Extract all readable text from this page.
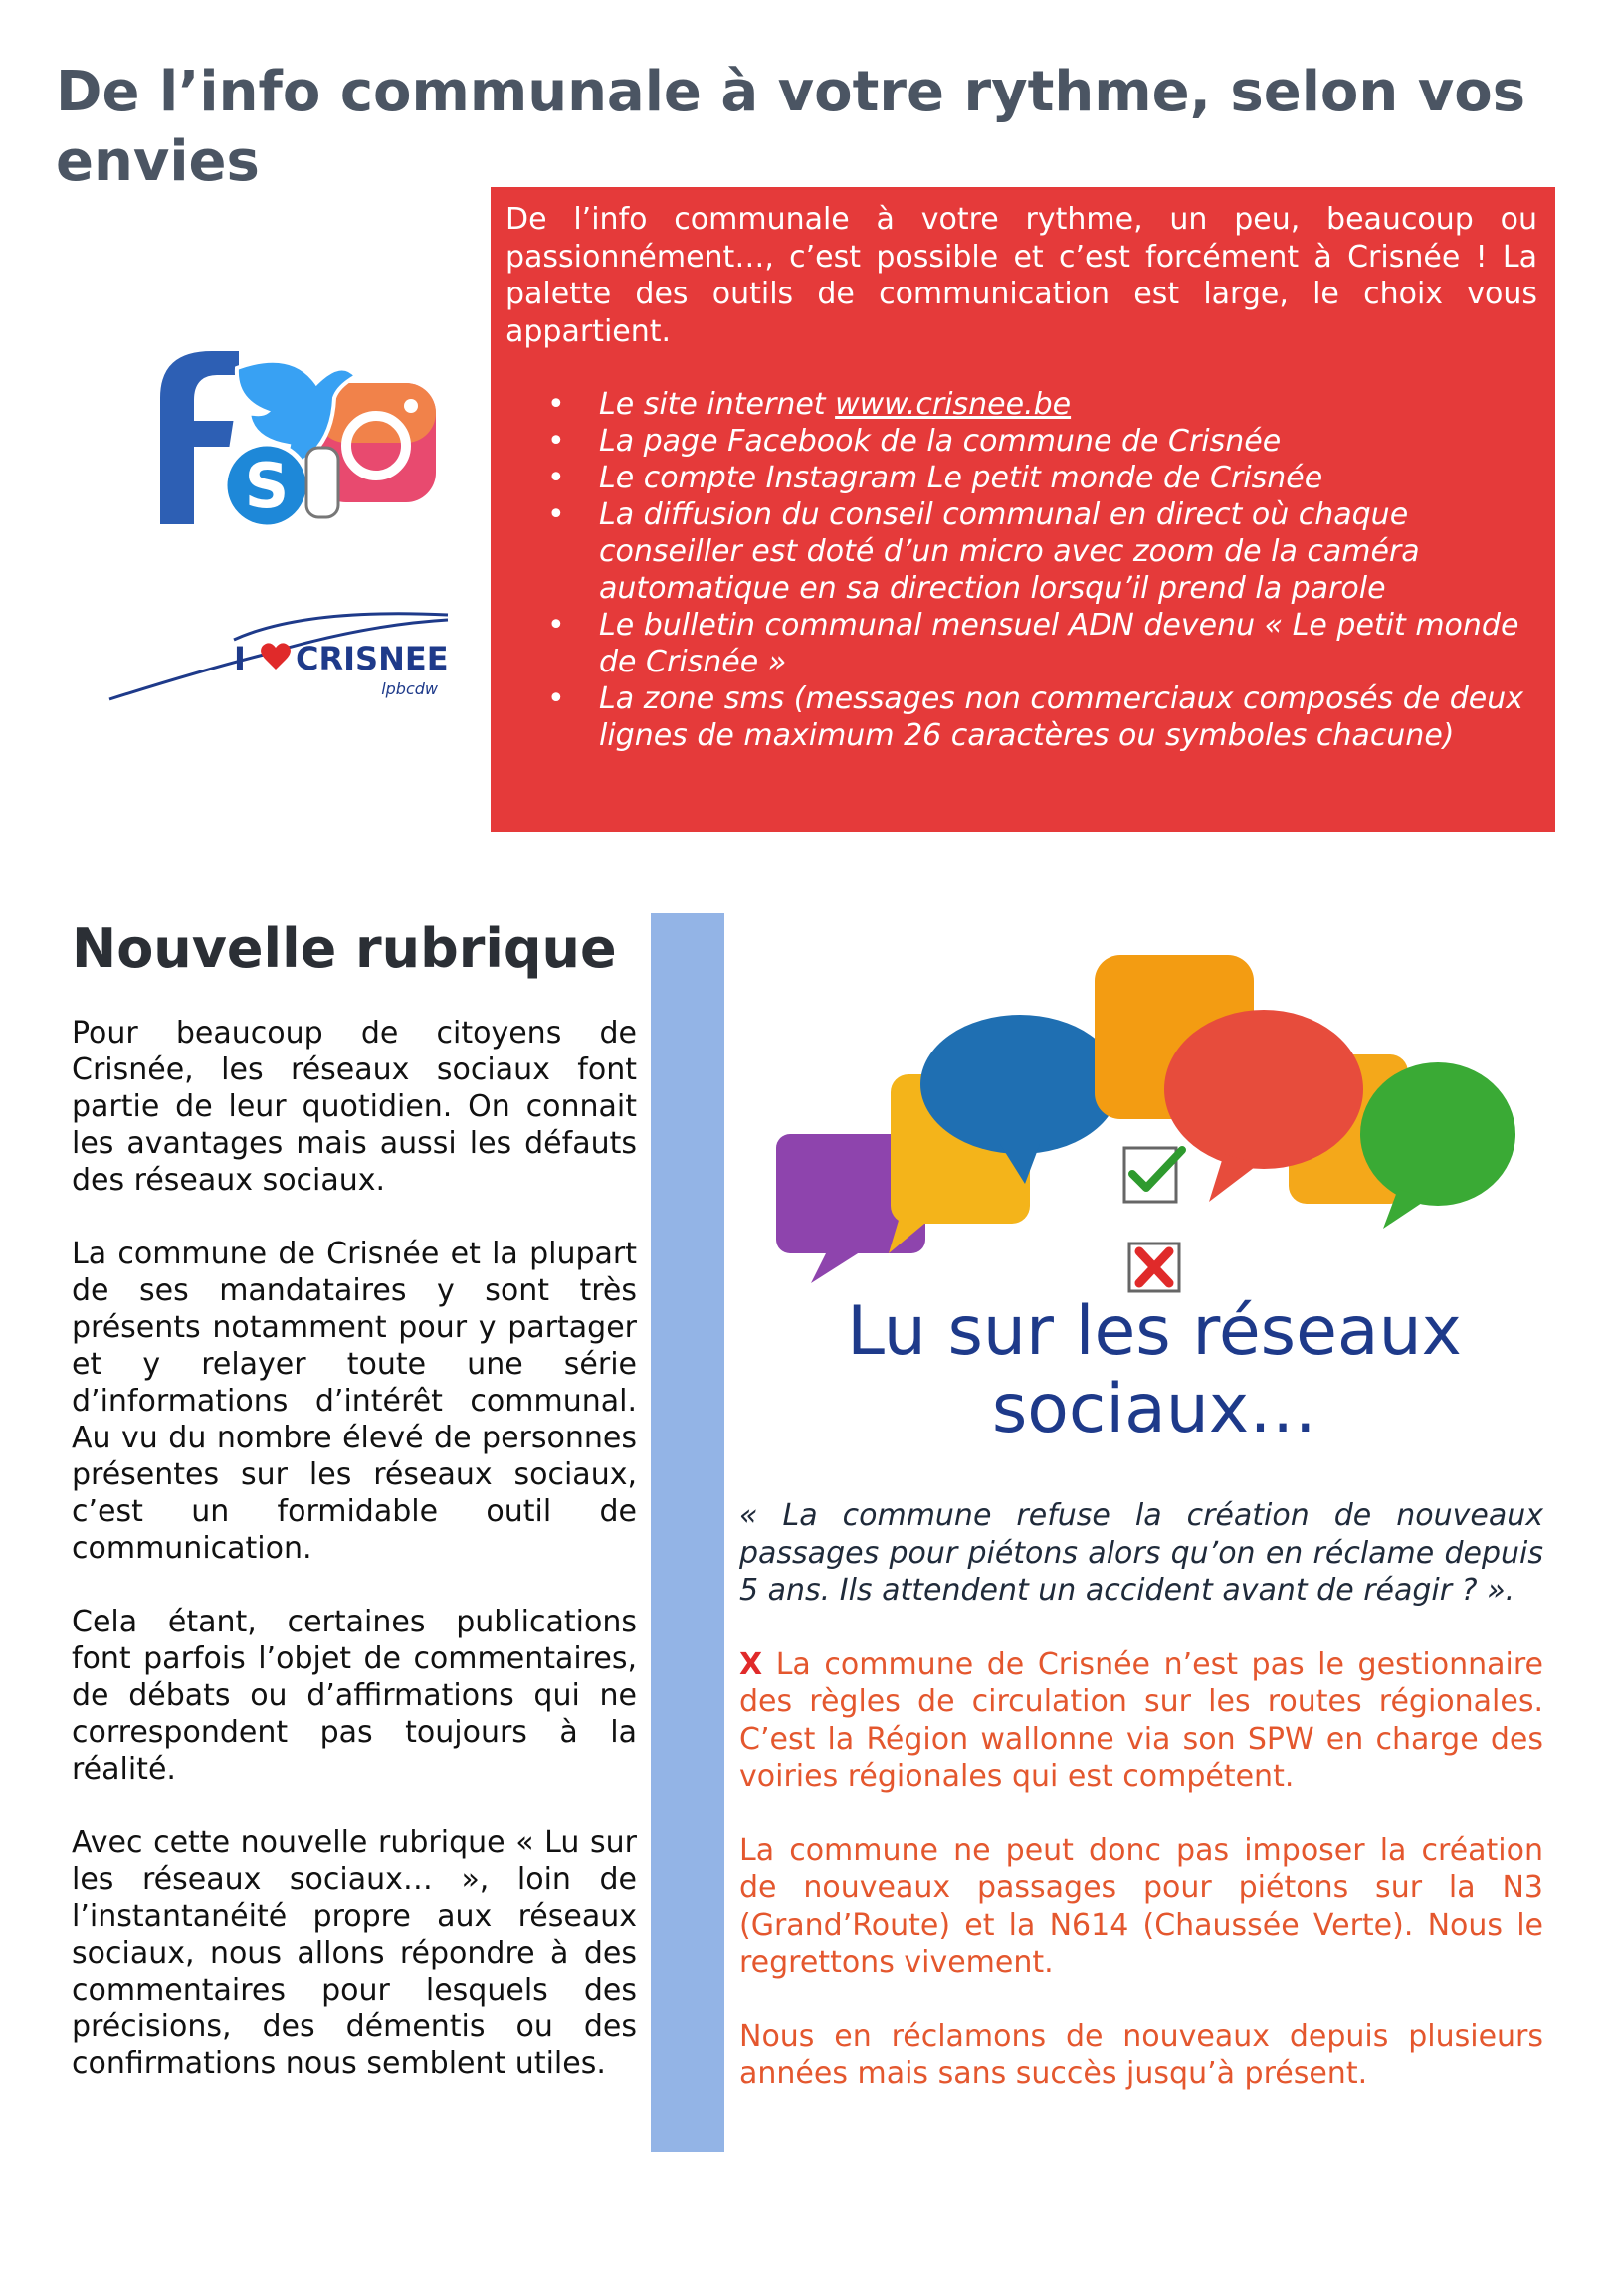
De l’info communale à votre rythme, selon vos envies
S
I CRISNEE
lpbcdw

De l’info communale à votre rythme, un peu, beaucoup ou passionnément…, c’est possible et c’est forcément à Crisnée ! La palette des outils de communication est large, le choix vous appartient.

• Le site internet www.crisnee.be
• La page Facebook de la commune de Crisnée
• Le compte Instagram Le petit monde de Crisnée
• La diffusion du conseil communal en direct où chaque conseiller est doté d’un micro avec zoom de la caméra automatique en sa direction lorsqu’il prend la parole
• Le bulletin communal mensuel ADN devenu « Le petit monde de Crisnée »
• La zone sms (messages non commerciaux composés de deux lignes de maximum 26 caractères ou symboles chacune)
Nouvelle rubrique

Pour beaucoup de citoyens de Crisnée, les réseaux sociaux font partie de leur quotidien. On connait les avantages mais aussi les défauts des réseaux sociaux.

La commune de Crisnée et la plupart de ses mandataires y sont très présents notamment pour y partager et y relayer toute une série d’informations d’intérêt communal. Au vu du nombre élevé de personnes présentes sur les réseaux sociaux, c’est un formidable outil de communication.

Cela étant, certaines publications font parfois l’objet de commentaires, de débats ou d’affirmations qui ne correspondent pas toujours à la réalité.

Avec cette nouvelle rubrique « Lu sur les réseaux sociaux… », loin de l’instantanéité propre aux réseaux sociaux, nous allons répondre à des commentaires pour lesquels des précisions, des démentis ou des confirmations nous semblent utiles.

Lu sur les réseaux
sociaux…

« La commune refuse la création de nouveaux passages pour piétons alors qu’on en réclame depuis 5 ans. Ils attendent un accident avant de réagir ? ».

X La commune de Crisnée n’est pas le gestionnaire des règles de circulation sur les routes régionales. C’est la Région wallonne via son SPW en charge des voiries régionales qui est compétent.

La commune ne peut donc pas imposer la création de nouveaux passages pour piétons sur la N3 (Grand’Route) et la N614 (Chaussée Verte). Nous le regrettons vivement.

Nous en réclamons de nouveaux depuis plusieurs années mais sans succès jusqu’à présent.
